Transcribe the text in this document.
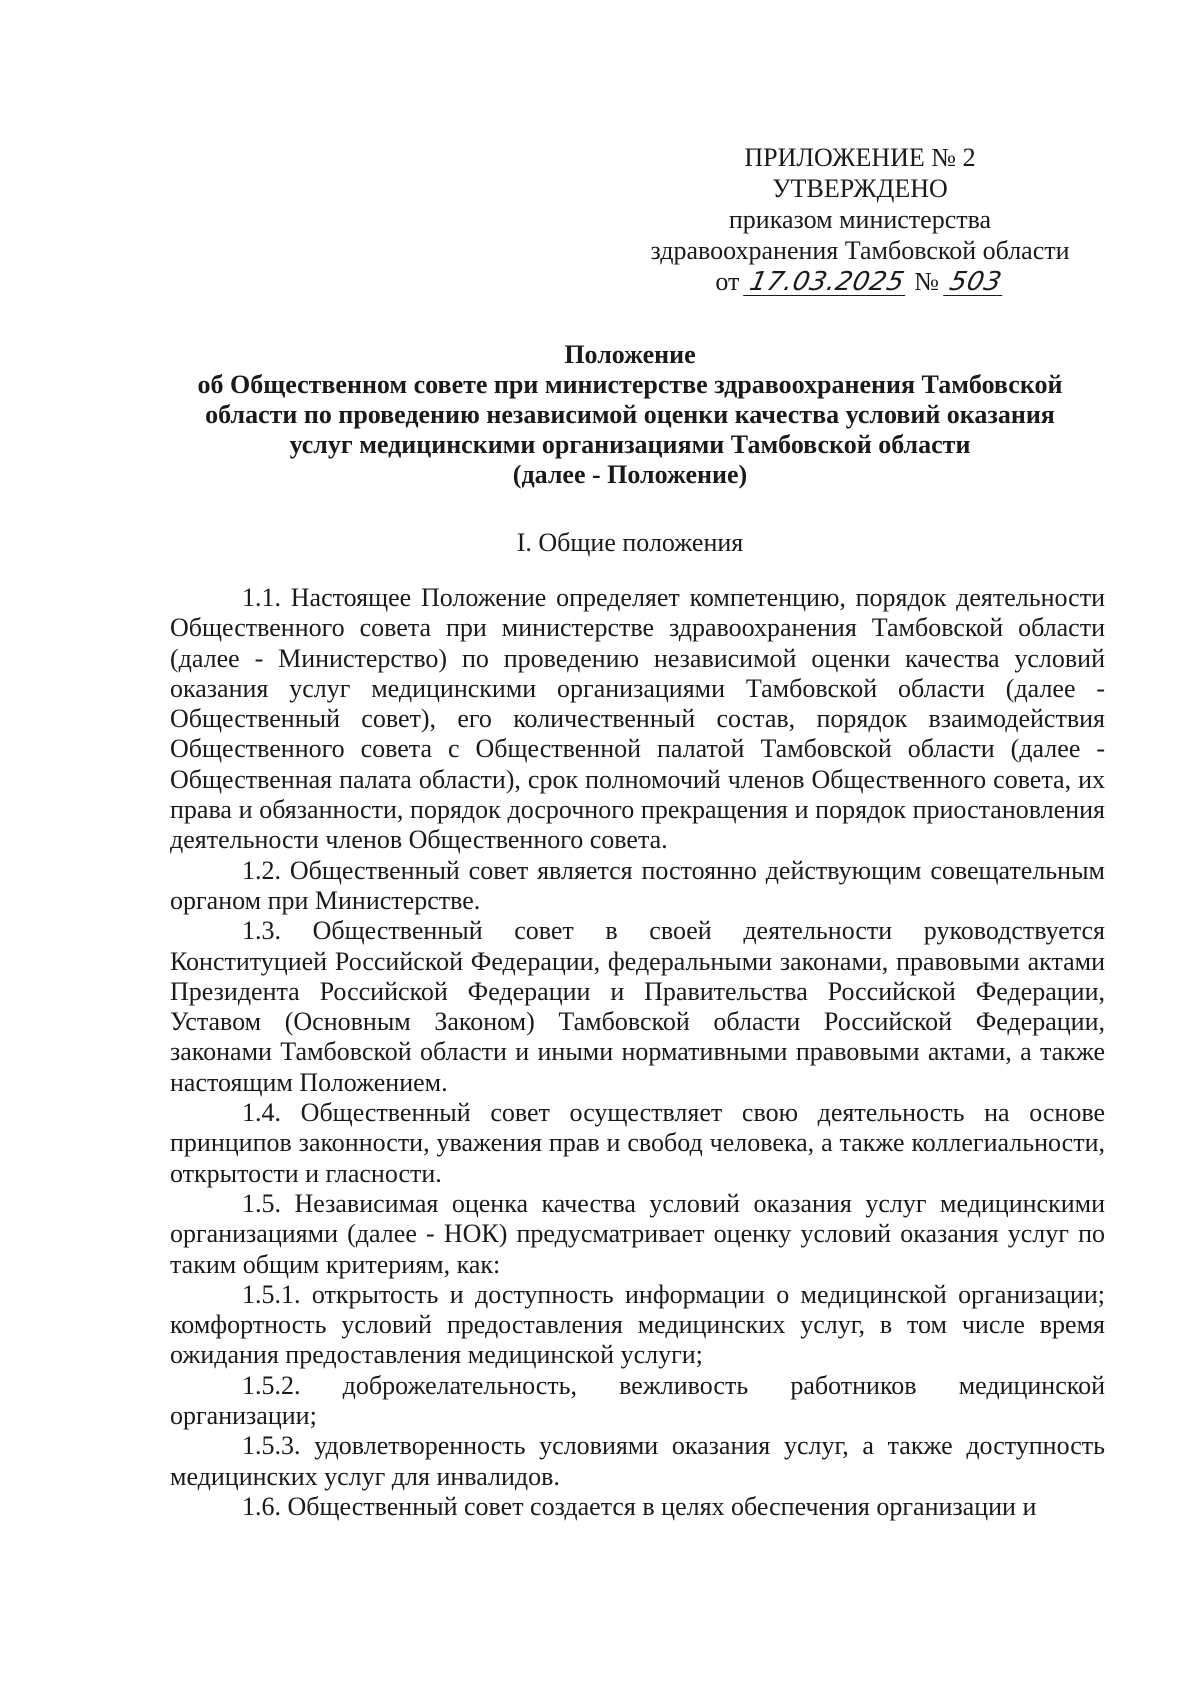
ПРИЛОЖЕНИЕ № 2
УТВЕРЖДЕНО
приказом министерства
здравоохранения Тамбовской области
от 17.03.2025 № 503
Положение
об Общественном совете при министерстве здравоохранения Тамбовской
области по проведению независимой оценки качества условий оказания
услуг медицинскими организациями Тамбовской области
(далее - Положение)
I. Общие положения

1.1. Настоящее Положение определяет компетенцию, порядок деятельности Общественного совета при министерстве здравоохранения Тамбовской области (далее - Министерство) по проведению независимой оценки качества условий оказания услуг медицинскими организациями Тамбовской области (далее - Общественный совет), его количественный состав, порядок взаимодействия Общественного совета с Общественной палатой Тамбовской области (далее - Общественная палата области), срок полномочий членов Общественного совета, их права и обязанности, порядок досрочного прекращения и порядок приостановления деятельности членов Общественного совета.

1.2. Общественный совет является постоянно действующим совещательным органом при Министерстве.

1.3. Общественный совет в своей деятельности руководствуется Конституцией Российской Федерации, федеральными законами, правовыми актами Президента Российской Федерации и Правительства Российской Федерации, Уставом (Основным Законом) Тамбовской области Российской Федерации, законами Тамбовской области и иными нормативными правовыми актами, а также настоящим Положением.

1.4. Общественный совет осуществляет свою деятельность на основе принципов законности, уважения прав и свобод человека, а также коллегиальности, открытости и гласности.

1.5. Независимая оценка качества условий оказания услуг медицинскими организациями (далее - НОК) предусматривает оценку условий оказания услуг по таким общим критериям, как:

1.5.1. открытость и доступность информации о медицинской организации; комфортность условий предоставления медицинских услуг, в том числе время ожидания предоставления медицинской услуги;

1.5.2. доброжелательность, вежливость работников медицинской организации;

1.5.3. удовлетворенность условиями оказания услуг, а также доступность медицинских услуг для инвалидов.

1.6. Общественный совет создается в целях обеспечения организации и
